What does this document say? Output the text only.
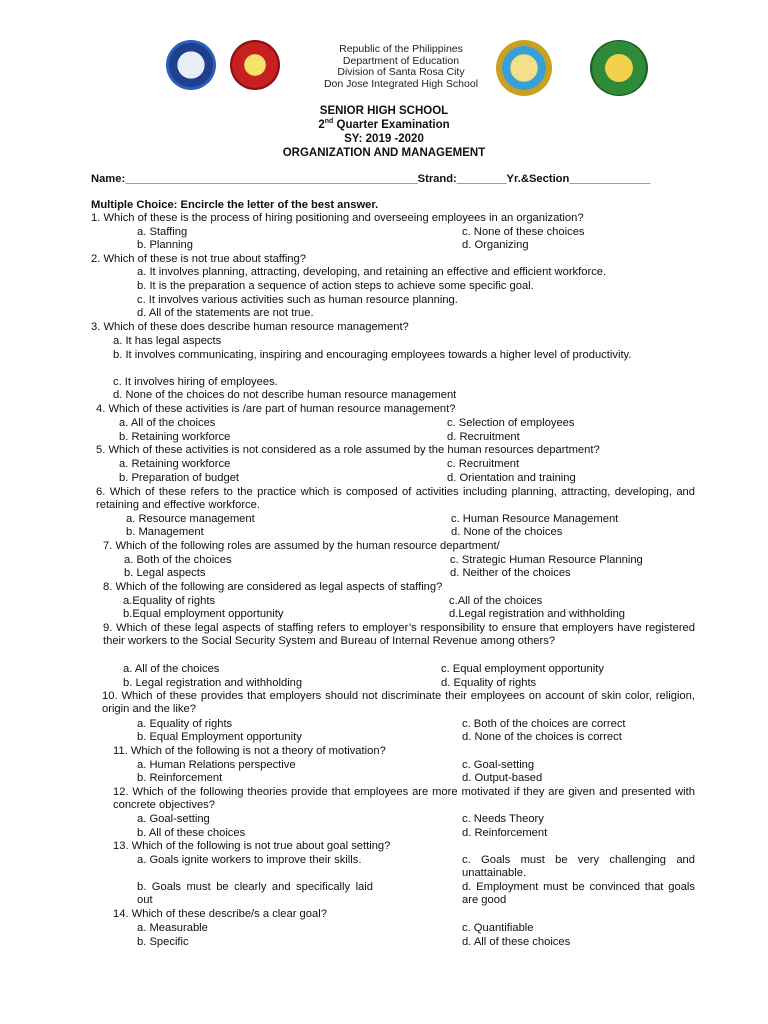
Republic of the Philippines
Department of Education
Division of Santa Rosa City
Don Jose Integrated High School
SENIOR HIGH SCHOOL
2nd Quarter Examination
SY: 2019 -2020
ORGANIZATION AND MANAGEMENT
Name:_______________________________________________Strand:________Yr.&Section_____________
Multiple Choice: Encircle the letter of the best answer.
1. Which of these is the process of hiring positioning and overseeing employees in an organization?
a. Staffing	c. None of these choices
b. Planning	d. Organizing
2. Which of these is not true about staffing?
a. It involves planning, attracting, developing, and retaining an effective and efficient workforce.
b. It is the preparation a sequence of action steps to achieve some specific goal.
c. It involves various activities such as human resource planning.
d. All of the statements are not true.
3. Which of these does describe human resource management?
a. It has legal aspects
b. It involves communicating, inspiring and encouraging employees towards a higher level of productivity.
c. It involves hiring of employees.
d. None of the choices do not describe human resource management
4. Which of these activities is /are part of human resource management?
a. All of the choices	c. Selection of employees
b. Retaining workforce	d. Recruitment
5. Which of these activities is not considered as a role assumed by the human resources department?
a. Retaining workforce	c. Recruitment
b. Preparation of budget	d. Orientation and training
6. Which of these refers to the practice which is composed of activities including planning, attracting, developing, and retaining and effective workforce.
a. Resource management	c. Human Resource Management
b. Management	d. None of the choices
7. Which of the following roles are assumed by the human resource department/
a. Both of the choices	c. Strategic Human Resource Planning
b. Legal aspects	d. Neither of the choices
8. Which of the following are considered as legal aspects of staffing?
a.Equality of rights	c.All of the choices
b.Equal employment opportunity	d.Legal registration and withholding
9. Which of these legal aspects of staffing refers to employer’s responsibility to ensure that employers have registered their workers to the Social Security System and Bureau of Internal Revenue among others?
a. All of the choices	c. Equal employment opportunity
b. Legal registration and withholding	d. Equality of rights
10. Which of these provides that employers should not discriminate their employees on account of skin color, religion, origin and the like?
a. Equality of rights	c. Both of the choices are correct
b. Equal Employment opportunity	d. None of the choices is correct
11. Which of the following is not a theory of motivation?
a. Human Relations perspective	c. Goal-setting
b. Reinforcement	d. Output-based
12. Which of the following theories provide that employees are more motivated if they are given and presented with concrete objectives?
a. Goal-setting	c. Needs Theory
b. All of these choices	d. Reinforcement
13. Which of the following is not true about goal setting?
a. Goals ignite workers to improve their skills.	c. Goals must be very challenging and unattainable.
b. Goals must be clearly and specifically laid out
d. Employment must be convinced that goals are good
14. Which of these describe/s a clear goal?
a. Measurable	c. Quantifiable
b. Specific	d. All of these choices
